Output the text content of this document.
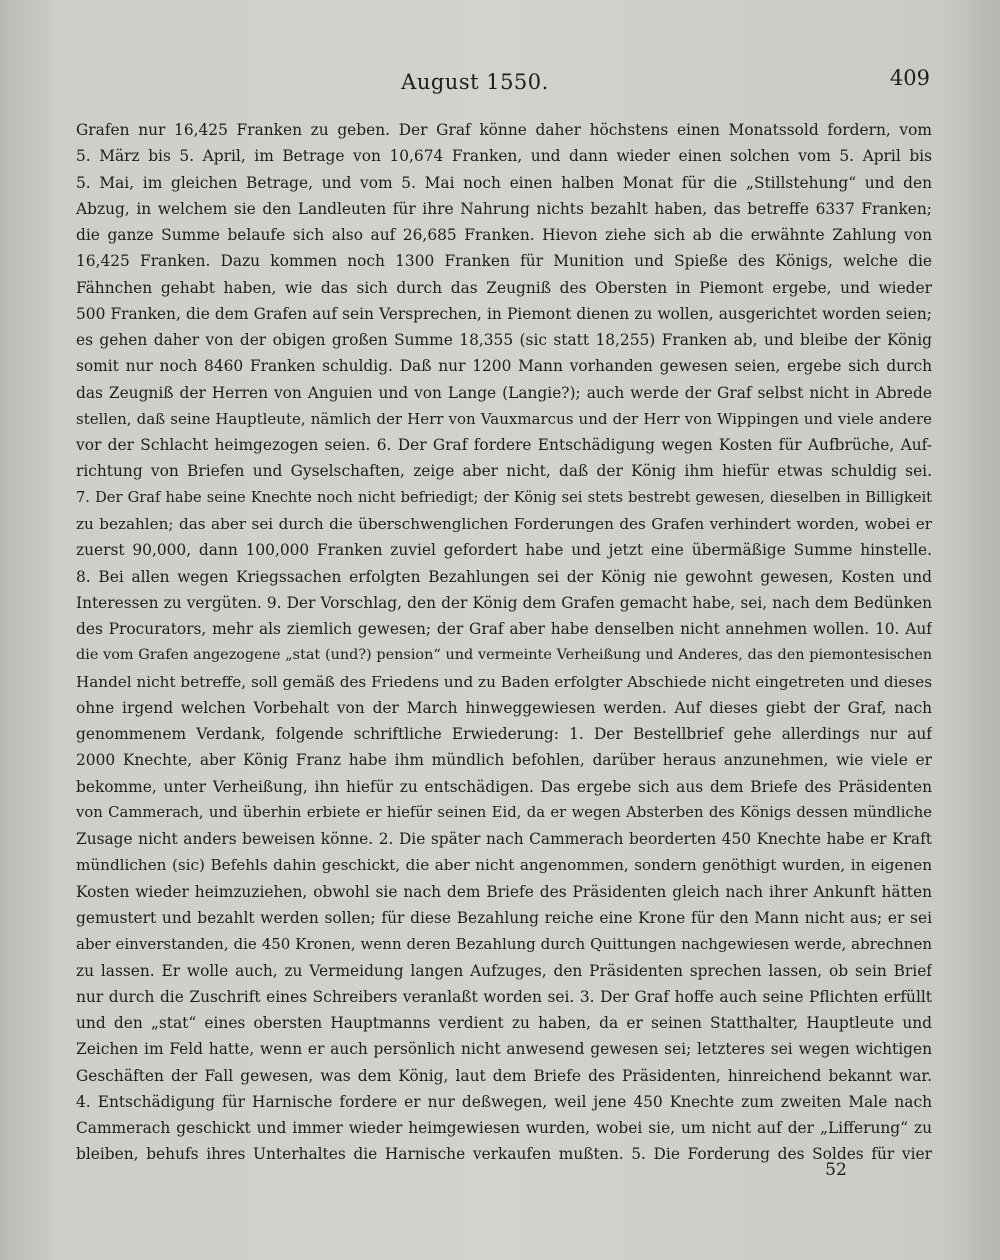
August 1550.	409
Grafen nur 16,425 Franken zu geben. Der Graf könne daher höchstens einen Monatssold fordern, vom
5. März bis 5. April, im Betrage von 10,674 Franken, und dann wieder einen solchen vom 5. April bis
5. Mai, im gleichen Betrage, und vom 5. Mai noch einen halben Monat für die „Stillstehung“ und den
Abzug, in welchem sie den Landleuten für ihre Nahrung nichts bezahlt haben, das betreffe 6337 Franken;
die ganze Summe belaufe sich also auf 26,685 Franken. Hievon ziehe sich ab die erwähnte Zahlung von
16,425 Franken. Dazu kommen noch 1300 Franken für Munition und Spieße des Königs, welche die
Fähnchen gehabt haben, wie das sich durch das Zeugniß des Obersten in Piemont ergebe, und wieder
500 Franken, die dem Grafen auf sein Versprechen, in Piemont dienen zu wollen, ausgerichtet worden seien;
es gehen daher von der obigen großen Summe 18,355 (sic statt 18,255) Franken ab, und bleibe der König
somit nur noch 8460 Franken schuldig. Daß nur 1200 Mann vorhanden gewesen seien, ergebe sich durch
das Zeugniß der Herren von Anguien und von Lange (Langie?); auch werde der Graf selbst nicht in Abrede
stellen, daß seine Hauptleute, nämlich der Herr von Vauxmarcus und der Herr von Wippingen und viele andere
vor der Schlacht heimgezogen seien. 6. Der Graf fordere Entschädigung wegen Kosten für Aufbrüche, Auf-
richtung von Briefen und Gyselschaften, zeige aber nicht, daß der König ihm hiefür etwas schuldig sei.
7. Der Graf habe seine Knechte noch nicht befriedigt; der König sei stets bestrebt gewesen, dieselben in Billigkeit
zu bezahlen; das aber sei durch die überschwenglichen Forderungen des Grafen verhindert worden, wobei er
zuerst 90,000, dann 100,000 Franken zuviel gefordert habe und jetzt eine übermäßige Summe hinstelle.
8. Bei allen wegen Kriegssachen erfolgten Bezahlungen sei der König nie gewohnt gewesen, Kosten und
Interessen zu vergüten. 9. Der Vorschlag, den der König dem Grafen gemacht habe, sei, nach dem Bedünken
des Procurators, mehr als ziemlich gewesen; der Graf aber habe denselben nicht annehmen wollen. 10. Auf
die vom Grafen angezogene „stat (und?) pension“ und vermeinte Verheißung und Anderes, das den piemontesischen
Handel nicht betreffe, soll gemäß des Friedens und zu Baden erfolgter Abschiede nicht eingetreten und dieses
ohne irgend welchen Vorbehalt von der March hinweggewiesen werden. Auf dieses giebt der Graf, nach
genommenem Verdank, folgende schriftliche Erwiederung: 1. Der Bestellbrief gehe allerdings nur auf
2000 Knechte, aber König Franz habe ihm mündlich befohlen, darüber heraus anzunehmen, wie viele er
bekomme, unter Verheißung, ihn hiefür zu entschädigen. Das ergebe sich aus dem Briefe des Präsidenten
von Cammerach, und überhin erbiete er hiefür seinen Eid, da er wegen Absterben des Königs dessen mündliche
Zusage nicht anders beweisen könne. 2. Die später nach Cammerach beorderten 450 Knechte habe er Kraft
mündlichen (sic) Befehls dahin geschickt, die aber nicht angenommen, sondern genöthigt wurden, in eigenen
Kosten wieder heimzuziehen, obwohl sie nach dem Briefe des Präsidenten gleich nach ihrer Ankunft hätten
gemustert und bezahlt werden sollen; für diese Bezahlung reiche eine Krone für den Mann nicht aus; er sei
aber einverstanden, die 450 Kronen, wenn deren Bezahlung durch Quittungen nachgewiesen werde, abrechnen
zu lassen. Er wolle auch, zu Vermeidung langen Aufzuges, den Präsidenten sprechen lassen, ob sein Brief
nur durch die Zuschrift eines Schreibers veranlaßt worden sei. 3. Der Graf hoffe auch seine Pflichten erfüllt
und den „stat“ eines obersten Hauptmanns verdient zu haben, da er seinen Statthalter, Hauptleute und
Zeichen im Feld hatte, wenn er auch persönlich nicht anwesend gewesen sei; letzteres sei wegen wichtigen
Geschäften der Fall gewesen, was dem König, laut dem Briefe des Präsidenten, hinreichend bekannt war.
4. Entschädigung für Harnische fordere er nur deßwegen, weil jene 450 Knechte zum zweiten Male nach
Cammerach geschickt und immer wieder heimgewiesen wurden, wobei sie, um nicht auf der „Lifferung“ zu
bleiben, behufs ihres Unterhaltes die Harnische verkaufen mußten. 5. Die Forderung des Soldes für vier
52
